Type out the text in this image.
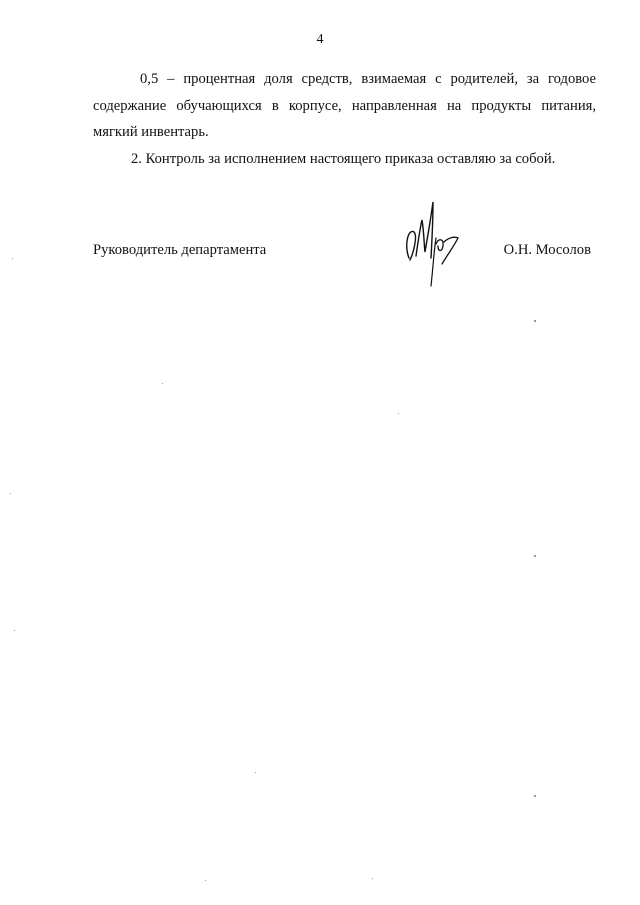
4

0,5 – процентная доля средств, взимаемая с родителей, за годовое содержание обучающихся в корпусе, направленная на продукты питания, мягкий инвентарь.

2. Контроль за исполнением настоящего приказа оставляю за собой.

Руководитель департамента	О.Н. Мосолов
